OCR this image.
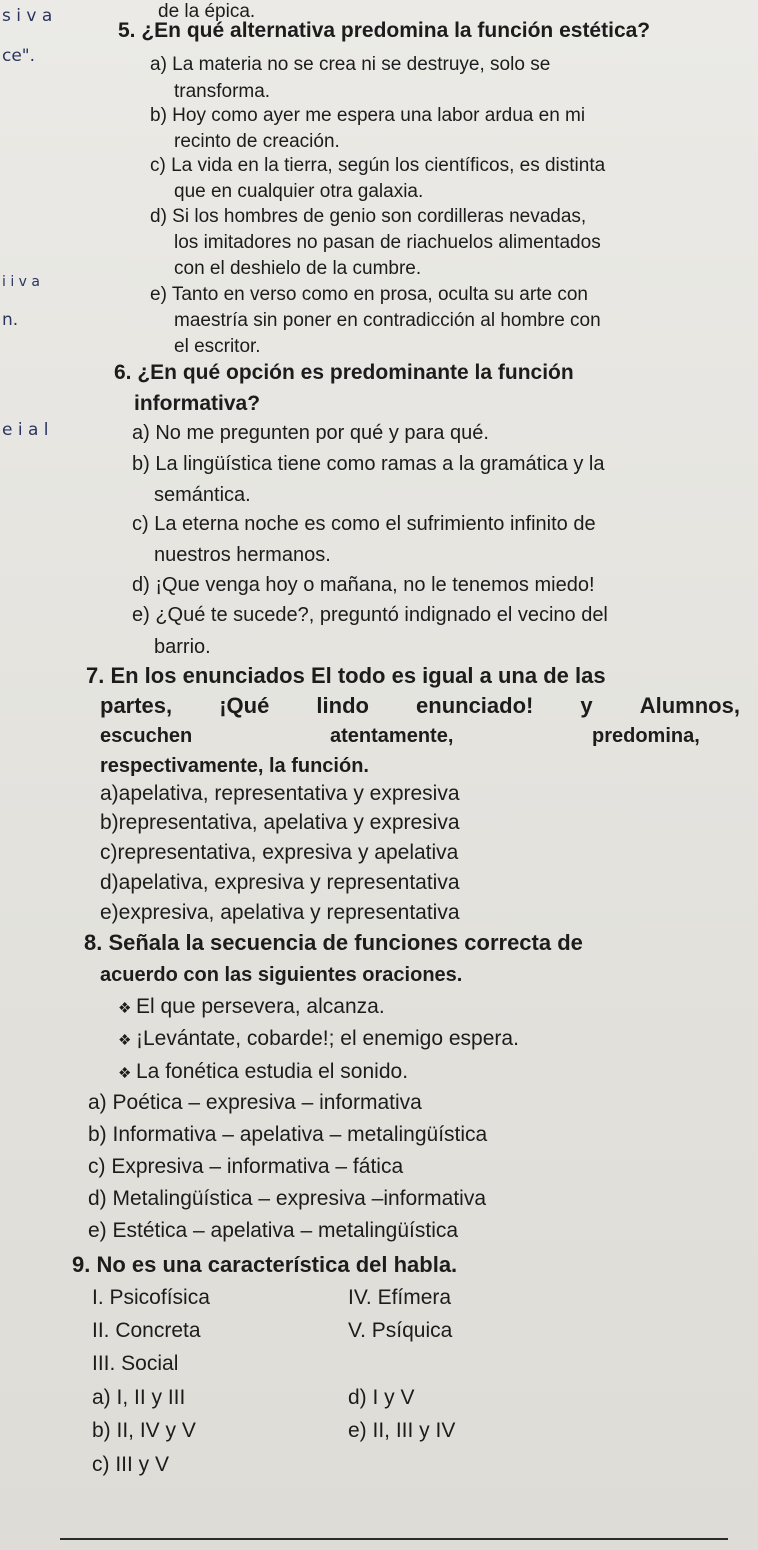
s i v a
ce".
i i v a
n.
e i a l
de la épica.
5. ¿En qué alternativa predomina la función estética?
a) La materia no se crea ni se destruye, solo se
transforma.
b) Hoy como ayer me espera una labor ardua en mi
recinto de creación.
c) La vida en la tierra, según los científicos, es distinta
que en cualquier otra galaxia.
d) Si los hombres de genio son cordilleras nevadas,
los imitadores no pasan de riachuelos alimentados
con el deshielo de la cumbre.
e) Tanto en verso como en prosa, oculta su arte con
maestría sin poner en contradicción al hombre con
el escritor.
6. ¿En qué opción es predominante la función
informativa?
a) No me pregunten por qué y para qué.
b) La lingüística tiene como ramas a la gramática y la
semántica.
c) La eterna noche es como el sufrimiento infinito de
nuestros hermanos.
d) ¡Que venga hoy o mañana, no le tenemos miedo!
e) ¿Qué te sucede?, preguntó indignado el vecino del
barrio.
7. En los enunciados El todo es igual a una de las
partes, ¡Qué lindo enunciado! y Alumnos,
escuchen	atentamente,	predomina,
respectivamente, la función.
a)apelativa, representativa y expresiva
b)representativa, apelativa y expresiva
c)representativa, expresiva y apelativa
d)apelativa, expresiva y representativa
e)expresiva, apelativa y representativa
8. Señala la secuencia de funciones correcta de
acuerdo con las siguientes oraciones.
❖ El que persevera, alcanza.
❖ ¡Levántate, cobarde!; el enemigo espera.
❖ La fonética estudia el sonido.
a) Poética – expresiva – informativa
b) Informativa – apelativa – metalingüística
c) Expresiva – informativa – fática
d) Metalingüística – expresiva –informativa
e) Estética – apelativa – metalingüística
9. No es una característica del habla.
I. Psicofísica	IV. Efímera
II. Concreta	V. Psíquica
III. Social
a) I, II y III	d) I y V
b) II, IV y V	e) II, III y IV
c) III y V
